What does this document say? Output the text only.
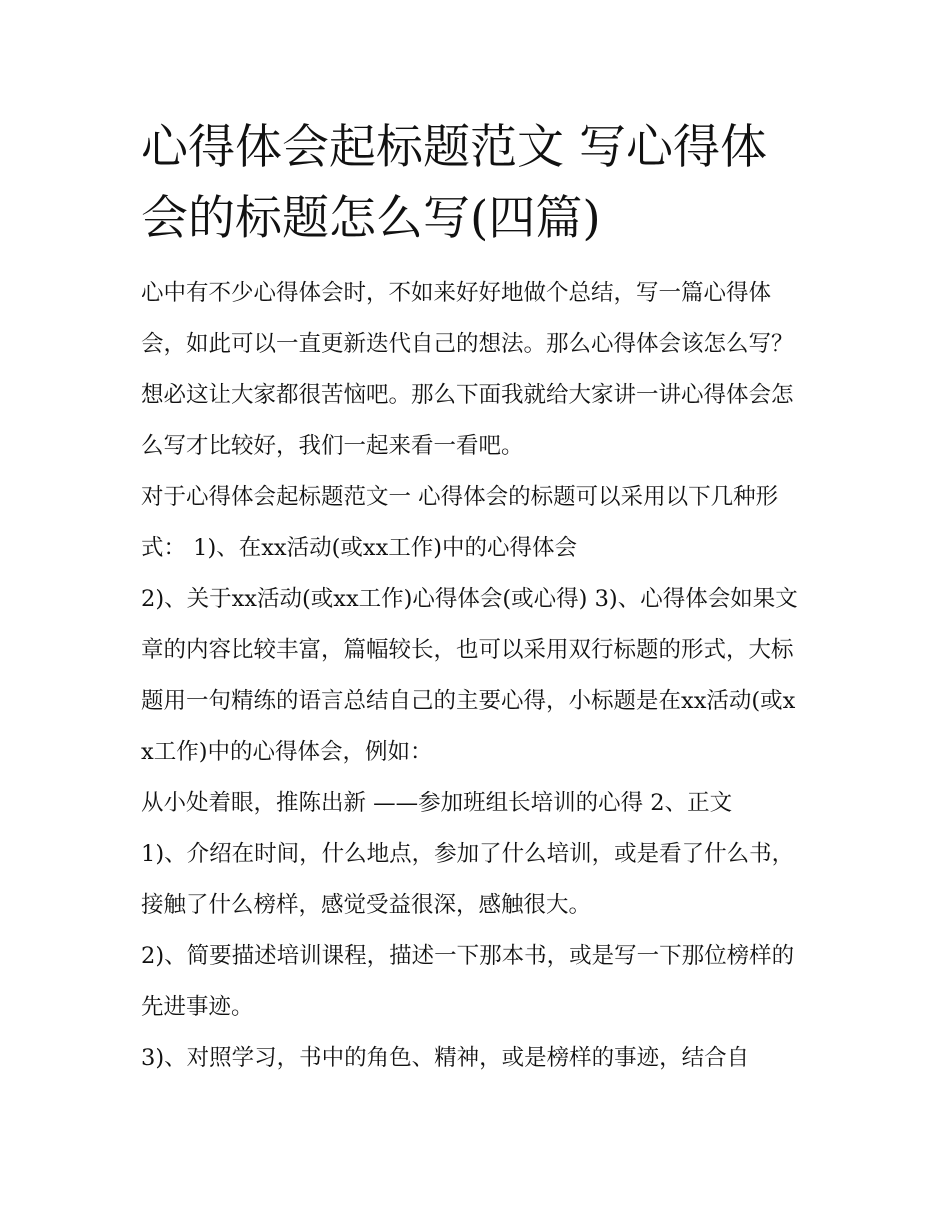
心得体会起标题范文 写心得体会的标题怎么写(四篇)

心中有不少心得体会时，不如来好好地做个总结，写一篇心得体会，如此可以一直更新迭代自己的想法。那么心得体会该怎么写？想必这让大家都很苦恼吧。那么下面我就给大家讲一讲心得体会怎么写才比较好，我们一起来看一看吧。

对于心得体会起标题范文一 心得体会的标题可以采用以下几种形式： 1)、在xx活动(或xx工作)中的心得体会

2)、关于xx活动(或xx工作)心得体会(或心得) 3)、心得体会如果文章的内容比较丰富，篇幅较长，也可以采用双行标题的形式，大标题用一句精练的语言总结自己的主要心得，小标题是在xx活动(或x x工作)中的心得体会，例如：

从小处着眼，推陈出新 ——参加班组长培训的心得 2、正文

1)、介绍在时间，什么地点，参加了什么培训，或是看了什么书，接触了什么榜样，感觉受益很深，感触很大。

2)、简要描述培训课程，描述一下那本书，或是写一下那位榜样的先进事迹。

3)、对照学习，书中的角色、精神，或是榜样的事迹，结合自
